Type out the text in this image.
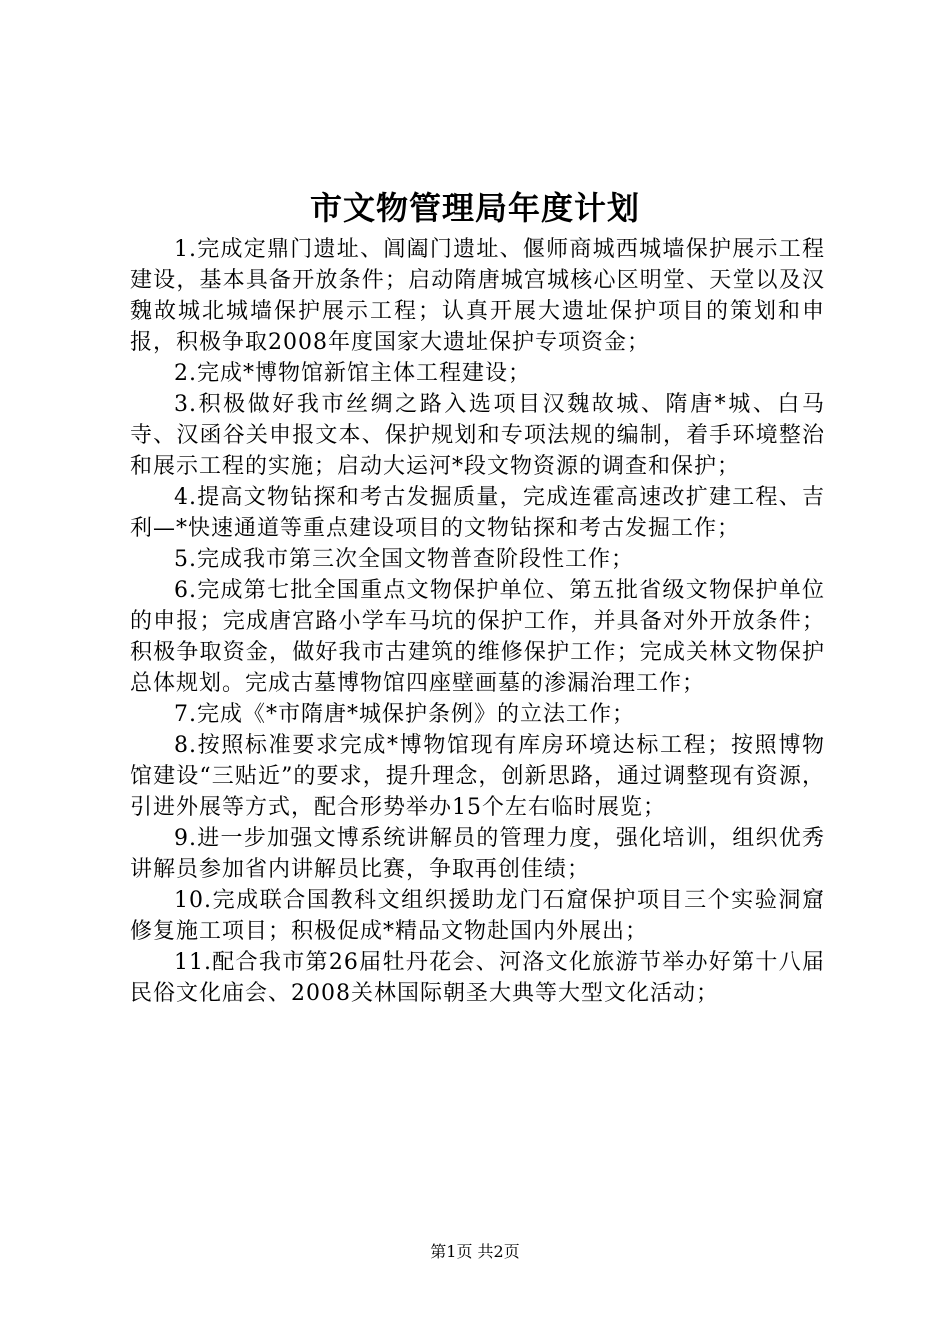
市文物管理局年度计划

1.完成定鼎门遗址、阊阖门遗址、偃师商城西城墙保护展示工程建设，基本具备开放条件；启动隋唐城宫城核心区明堂、天堂以及汉魏故城北城墙保护展示工程；认真开展大遗址保护项目的策划和申报，积极争取2008年度国家大遗址保护专项资金；

2.完成*博物馆新馆主体工程建设；

3.积极做好我市丝绸之路入选项目汉魏故城、隋唐*城、白马寺、汉函谷关申报文本、保护规划和专项法规的编制，着手环境整治和展示工程的实施；启动大运河*段文物资源的调查和保护；

4.提高文物钻探和考古发掘质量，完成连霍高速改扩建工程、吉利—*快速通道等重点建设项目的文物钻探和考古发掘工作；

5.完成我市第三次全国文物普查阶段性工作；

6.完成第七批全国重点文物保护单位、第五批省级文物保护单位的申报；完成唐宫路小学车马坑的保护工作，并具备对外开放条件；积极争取资金，做好我市古建筑的维修保护工作；完成关林文物保护总体规划。完成古墓博物馆四座壁画墓的渗漏治理工作；

7.完成《*市隋唐*城保护条例》的立法工作；

8.按照标准要求完成*博物馆现有库房环境达标工程；按照博物馆建设“三贴近”的要求，提升理念，创新思路，通过调整现有资源，引进外展等方式，配合形势举办15个左右临时展览；

9.进一步加强文博系统讲解员的管理力度，强化培训，组织优秀讲解员参加省内讲解员比赛，争取再创佳绩；

10.完成联合国教科文组织援助龙门石窟保护项目三个实验洞窟修复施工项目；积极促成*精品文物赴国内外展出；

11.配合我市第26届牡丹花会、河洛文化旅游节举办好第十八届民俗文化庙会、2008关林国际朝圣大典等大型文化活动；

第1页 共2页
